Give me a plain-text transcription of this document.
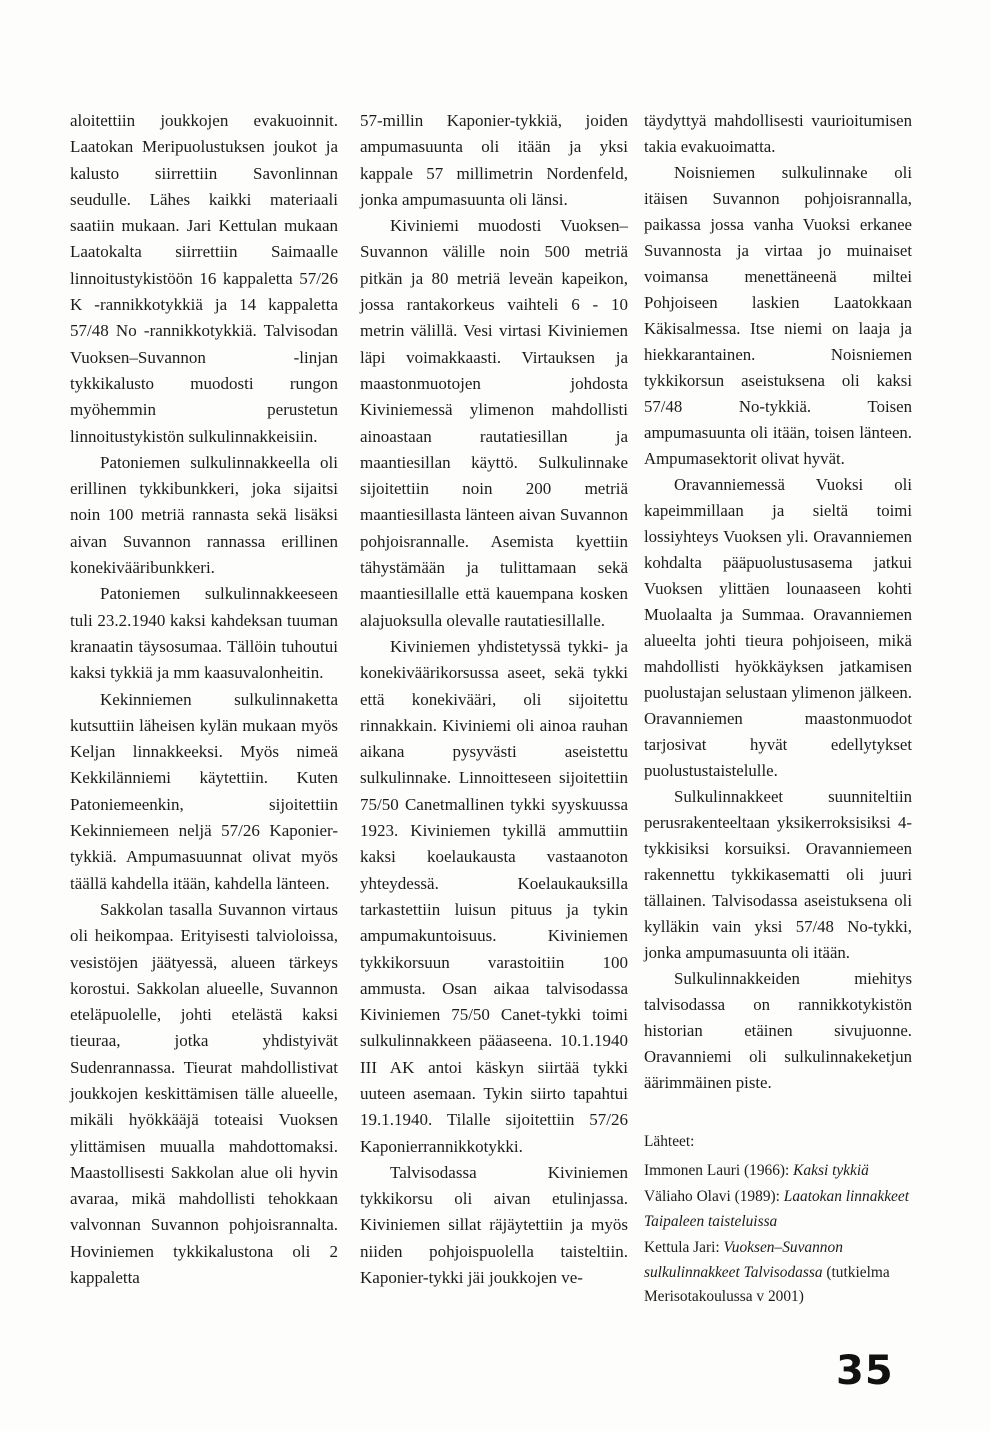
aloitettiin joukkojen evakuoinnit. Laatokan Meripuolustuksen joukot ja kalusto siirrettiin Savonlinnan seudulle. Lähes kaikki materiaali saatiin mukaan. Jari Kettulan mukaan Laatokalta siirrettiin Saimaalle linnoitustykistöön 16 kappaletta 57/26 K -rannikkotykkiä ja 14 kappaletta 57/48 No -rannikkotykkiä. Talvisodan Vuoksen–Suvannon -linjan tykkikalusto muodosti rungon myöhemmin perustetun linnoitustykistön sulkulinnakkeisiin.

Patoniemen sulkulinnakkeella oli erillinen tykkibunkkeri, joka sijaitsi noin 100 metriä rannasta sekä lisäksi aivan Suvannon rannassa erillinen konekivääribunkkeri.

Patoniemen sulkulinnakkeeseen tuli 23.2.1940 kaksi kahdeksan tuuman kranaatin täysosumaa. Tällöin tuhoutui kaksi tykkiä ja mm kaasuvalonheitin.

Kekinniemen sulkulinnaketta kutsuttiin läheisen kylän mukaan myös Keljan linnakkeeksi. Myös nimeä Kekkilänniemi käytettiin. Kuten Patoniemeenkin, sijoitettiin Kekinniemeen neljä 57/26 Kaponier-tykkiä. Ampumasuunnat olivat myös täällä kahdella itään, kahdella länteen.

Sakkolan tasalla Suvannon virtaus oli heikompaa. Erityisesti talvioloissa, vesistöjen jäätyessä, alueen tärkeys korostui. Sakkolan alueelle, Suvannon eteläpuolelle, johti etelästä kaksi tieuraa, jotka yhdistyivät Sudenrannassa. Tieurat mahdollistivat joukkojen keskittämisen tälle alueelle, mikäli hyökkääjä toteaisi Vuoksen ylittämisen muualla mahdottomaksi. Maastollisesti Sakkolan alue oli hyvin avaraa, mikä mahdollisti tehokkaan valvonnan Suvannon pohjoisrannalta. Hoviniemen tykkikalustona oli 2 kappaletta

57-millin Kaponier-tykkiä, joiden ampumasuunta oli itään ja yksi kappale 57 millimetrin Nordenfeld, jonka ampumasuunta oli länsi.

Kiviniemi muodosti Vuoksen–Suvannon välille noin 500 metriä pitkän ja 80 metriä leveän kapeikon, jossa rantakorkeus vaihteli 6 - 10 metrin välillä. Vesi virtasi Kiviniemen läpi voimakkaasti. Virtauksen ja maastonmuotojen johdosta Kiviniemessä ylimenon mahdollisti ainoastaan rautatiesillan ja maantiesillan käyttö. Sulkulinnake sijoitettiin noin 200 metriä maantiesillasta länteen aivan Suvannon pohjoisrannalle. Asemista kyettiin tähystämään ja tulittamaan sekä maantiesillalle että kauempana kosken alajuoksulla olevalle rautatiesillalle.

Kiviniemen yhdistetyssä tykki- ja konekiväärikorsussa aseet, sekä tykki että konekivääri, oli sijoitettu rinnakkain. Kiviniemi oli ainoa rauhan aikana pysyvästi aseistettu sulkulinnake. Linnoitteseen sijoitettiin 75/50 Canetmallinen tykki syyskuussa 1923. Kiviniemen tykillä ammuttiin kaksi koelaukausta vastaanoton yhteydessä. Koelaukauksilla tarkastettiin luisun pituus ja tykin ampumakuntoisuus. Kiviniemen tykkikorsuun varastoitiin 100 ammusta. Osan aikaa talvisodassa Kiviniemen 75/50 Canet-tykki toimi sulkulinnakkeen pääaseena. 10.1.1940 III AK antoi käskyn siirtää tykki uuteen asemaan. Tykin siirto tapahtui 19.1.1940. Tilalle sijoitettiin 57/26 Kaponierrannikkotykki.

Talvisodassa Kiviniemen tykkikorsu oli aivan etulinjassa. Kiviniemen sillat räjäytettiin ja myös niiden pohjoispuolella taisteltiin. Kaponier-tykki jäi joukkojen ve-

täydyttyä mahdollisesti vaurioitumisen takia evakuoimatta.

Noisniemen sulkulinnake oli itäisen Suvannon pohjoisrannalla, paikassa jossa vanha Vuoksi erkanee Suvannosta ja virtaa jo muinaiset voimansa menettäneenä miltei Pohjoiseen laskien Laatokkaan Käkisalmessa. Itse niemi on laaja ja hiekkarantainen. Noisniemen tykkikorsun aseistuksena oli kaksi 57/48 No-tykkiä. Toisen ampumasuunta oli itään, toisen länteen. Ampumasektorit olivat hyvät.

Oravanniemessä Vuoksi oli kapeimmillaan ja sieltä toimi lossiyhteys Vuoksen yli. Oravanniemen kohdalta pääpuolustusasema jatkui Vuoksen ylittäen lounaaseen kohti Muolaalta ja Summaa. Oravanniemen alueelta johti tieura pohjoiseen, mikä mahdollisti hyökkäyksen jatkamisen puolustajan selustaan ylimenon jälkeen. Oravanniemen maastonmuodot tarjosivat hyvät edellytykset puolustustaistelulle.

Sulkulinnakkeet suunniteltiin perusrakenteeltaan yksikerroksisiksi 4-tykkisiksi korsuiksi. Oravanniemeen rakennettu tykkikasematti oli juuri tällainen. Talvisodassa aseistuksena oli kylläkin vain yksi 57/48 No-tykki, jonka ampumasuunta oli itään.

Sulkulinnakkeiden miehitys talvisodassa on rannikkotykistön historian etäinen sivujuonne. Oravanniemi oli sulkulinnakeketjun äärimmäinen piste.

Lähteet:

Immonen Lauri (1966): Kaksi tykkiä

Väliaho Olavi (1989): Laatokan linnakkeet Taipaleen taisteluissa

Kettula Jari: Vuoksen–Suvannon sulkulinnakkeet Talvisodassa (tutkielma Merisotakoulussa v 2001)

35
